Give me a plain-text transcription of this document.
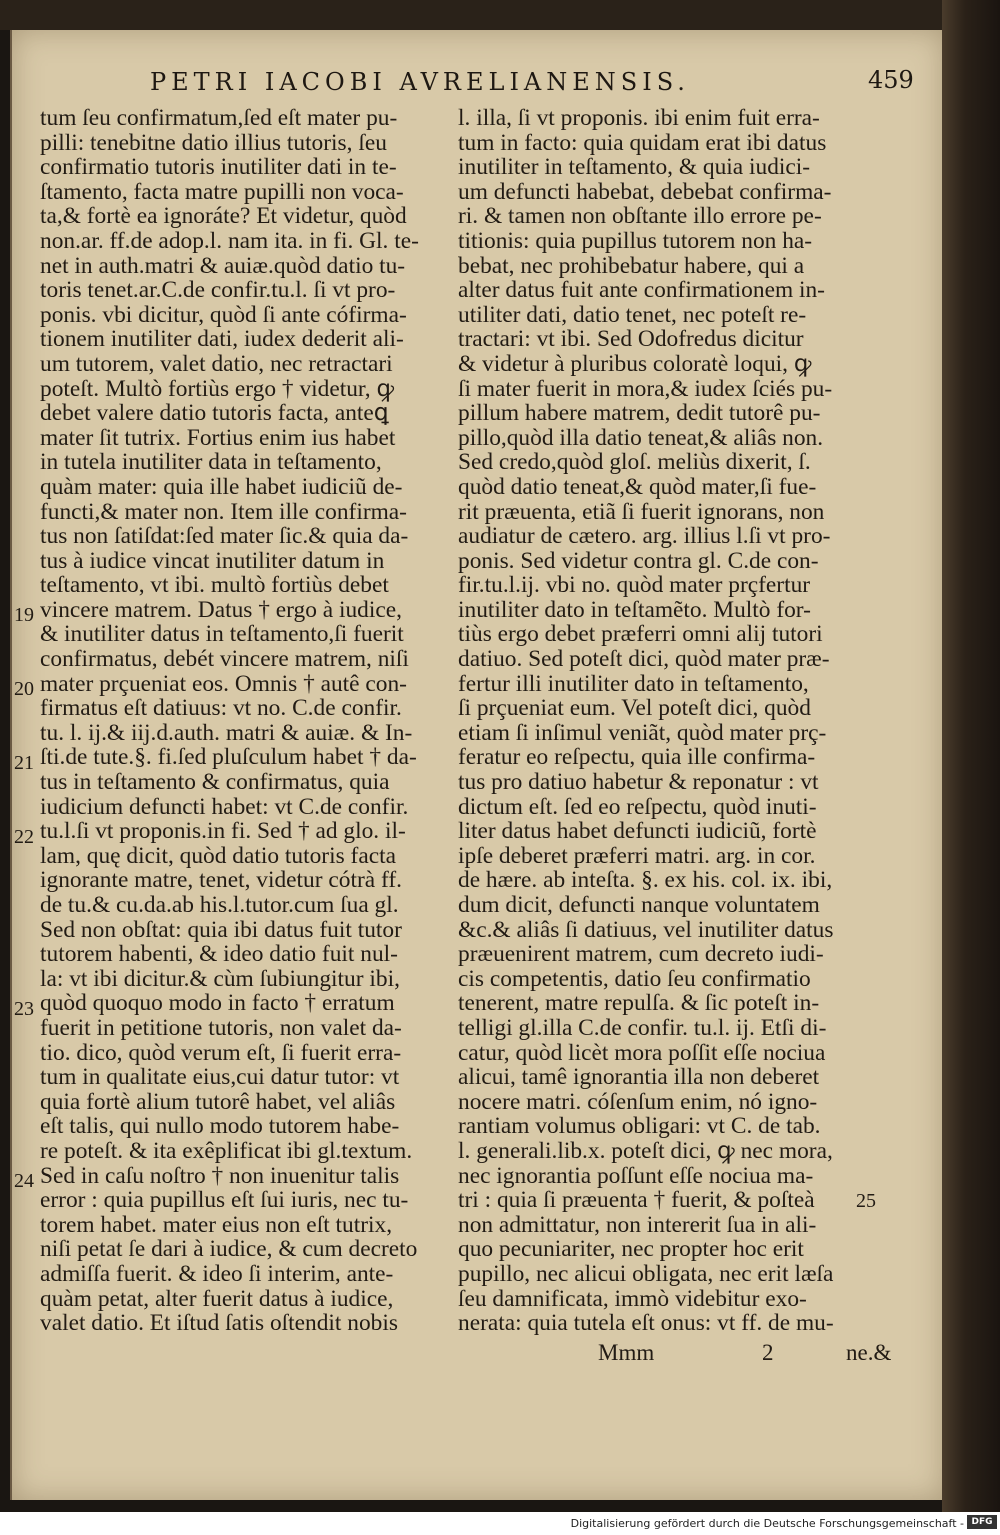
PETRI IACOBI AVRELIANENSIS.	459
tum ſeu confirmatum,ſed eſt mater pu-
pilli: tenebitne datio illius tutoris, ſeu
confirmatio tutoris inutiliter dati in te-
ſtamento, facta matre pupilli non voca-
ta,& fortè ea ignoráte? Et videtur, quòd
non.ar. ff.de adop.l. nam ita. in fi. Gl. te-
net in auth.matri & auiæ.quòd datio tu-
toris tenet.ar.C.de confir.tu.l. ſi vt pro-
ponis. vbi dicitur, quòd ſi ante cófirma-
tionem inutiliter dati, iudex dederit ali-
um tutorem, valet datio, nec retractari
poteſt. Multò fortiùs ergo † videtur, ꝙ
debet valere datio tutoris facta, anteꝗ
mater ſit tutrix. Fortius enim ius habet
in tutela inutiliter data in teſtamento,
quàm mater: quia ille habet iudiciũ de-
functi,& mater non. Item ille confirma-
tus non ſatiſdat:ſed mater ſic.& quia da-
tus à iudice vincat inutiliter datum in
teſtamento, vt ibi. multò fortiùs debet
vincere matrem. Datus † ergo à iudice,
& inutiliter datus in teſtamento,ſi fuerit
confirmatus, debét vincere matrem, niſi
mater prçueniat eos. Omnis † autê con-
firmatus eſt datiuus: vt no. C.de confir.
tu. l. ij.& iij.d.auth. matri & auiæ. & In-
ſti.de tute.§. fi.ſed pluſculum habet † da-
tus in teſtamento & confirmatus, quia
iudicium defuncti habet: vt C.de confir.
tu.l.ſi vt proponis.in fi. Sed † ad glo. il-
lam, quę dicit, quòd datio tutoris facta
ignorante matre, tenet, videtur cótrà ff.
de tu.& cu.da.ab his.l.tutor.cum ſua gl.
Sed non obſtat: quia ibi datus fuit tutor
tutorem habenti, & ideo datio fuit nul-
la: vt ibi dicitur.& cùm ſubiungitur ibi,
quòd quoquo modo in facto † erratum
fuerit in petitione tutoris, non valet da-
tio. dico, quòd verum eſt, ſi fuerit erra-
tum in qualitate eius,cui datur tutor: vt
quia fortè alium tutorê habet, vel aliâs
eſt talis, qui nullo modo tutorem habe-
re poteſt. & ita exêplificat ibi gl.textum.
Sed in caſu noſtro † non inuenitur talis
error : quia pupillus eſt ſui iuris, nec tu-
torem habet. mater eius non eſt tutrix,
niſi petat ſe dari à iudice, & cum decreto
admiſſa fuerit. & ideo ſi interim, ante-
quàm petat, alter fuerit datus à iudice,
valet datio. Et iſtud ſatis oſtendit nobis
l. illa, ſi vt proponis. ibi enim fuit erra-
tum in facto: quia quidam erat ibi datus
inutiliter in teſtamento, & quia iudici-
um defuncti habebat, debebat confirma-
ri. & tamen non obſtante illo errore pe-
titionis: quia pupillus tutorem non ha-
bebat, nec prohibebatur habere, qui a
alter datus fuit ante confirmationem in-
utiliter dati, datio tenet, nec poteſt re-
tractari: vt ibi. Sed Odofredus dicitur
& videtur à pluribus coloratè loqui, ꝙ
ſi mater fuerit in mora,& iudex ſciés pu-
pillum habere matrem, dedit tutorê pu-
pillo,quòd illa datio teneat,& aliâs non.
Sed credo,quòd gloſ. meliùs dixerit, ſ.
quòd datio teneat,& quòd mater,ſi fue-
rit præuenta, etiã ſi fuerit ignorans, non
audiatur de cætero. arg. illius l.ſi vt pro-
ponis. Sed videtur contra gl. C.de con-
fir.tu.l.ij. vbi no. quòd mater prçfertur
inutiliter dato in teſtamẽto. Multò for-
tiùs ergo debet præferri omni alij tutori
datiuo. Sed poteſt dici, quòd mater præ-
fertur illi inutiliter dato in teſtamento,
ſi prçueniat eum. Vel poteſt dici, quòd
etiam ſi inſimul veniãt, quòd mater prç-
feratur eo reſpectu, quia ille confirma-
tus pro datiuo habetur & reponatur : vt
dictum eſt. ſed eo reſpectu, quòd inuti-
liter datus habet defuncti iudiciũ, fortè
ipſe deberet præferri matri. arg. in cor.
de hære. ab inteſta. §. ex his. col. ix. ibi,
dum dicit, defuncti nanque voluntatem
&c.& aliâs ſi datiuus, vel inutiliter datus
præuenirent matrem, cum decreto iudi-
cis competentis, datio ſeu confirmatio
tenerent, matre repulſa. & ſic poteſt in-
telligi gl.illa C.de confir. tu.l. ij. Etſi di-
catur, quòd licèt mora poſſit eſſe nociua
alicui, tamê ignorantia illa non deberet
nocere matri. cóſenſum enim, nó igno-
rantiam volumus obligari: vt C. de tab.
l. generali.lib.x. poteſt dici, ꝙ nec mora,
nec ignorantia poſſunt eſſe nociua ma-
tri : quia ſi præuenta † fuerit, & poſteà
non admittatur, non intererit ſua in ali-
quo pecuniariter, nec propter hoc erit
pupillo, nec alicui obligata, nec erit læſa
ſeu damnificata, immò videbitur exo-
nerata: quia tutela eſt onus: vt ff. de mu-
19
20
21
22
23
24
25
Mmm	2	ne.&
Digitalisierung gefördert durch die Deutsche Forschungsgemeinschaft - DFG
